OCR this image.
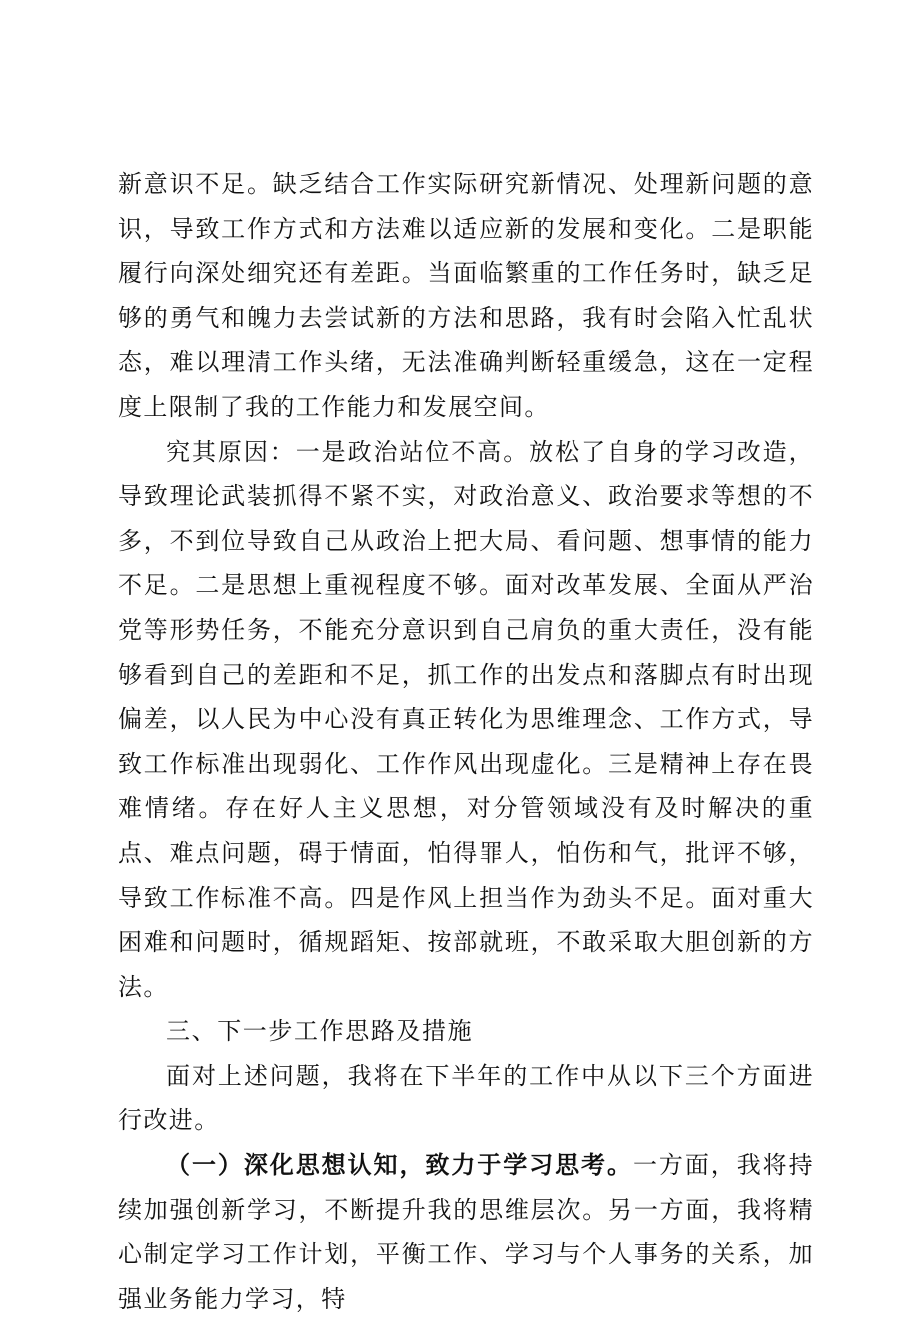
新意识不足。缺乏结合工作实际研究新情况、处理新问题的意识，导致工作方式和方法难以适应新的发展和变化。二是职能履行向深处细究还有差距。当面临繁重的工作任务时，缺乏足够的勇气和魄力去尝试新的方法和思路，我有时会陷入忙乱状态，难以理清工作头绪，无法准确判断轻重缓急，这在一定程度上限制了我的工作能力和发展空间。

究其原因：一是政治站位不高。放松了自身的学习改造，导致理论武装抓得不紧不实，对政治意义、政治要求等想的不多，不到位导致自己从政治上把大局、看问题、想事情的能力不足。二是思想上重视程度不够。面对改革发展、全面从严治党等形势任务，不能充分意识到自己肩负的重大责任，没有能够看到自己的差距和不足，抓工作的出发点和落脚点有时出现偏差，以人民为中心没有真正转化为思维理念、工作方式，导致工作标准出现弱化、工作作风出现虚化。三是精神上存在畏难情绪。存在好人主义思想，对分管领域没有及时解决的重点、难点问题，碍于情面，怕得罪人，怕伤和气，批评不够，导致工作标准不高。四是作风上担当作为劲头不足。面对重大困难和问题时，循规蹈矩、按部就班，不敢采取大胆创新的方法。

三、下一步工作思路及措施

面对上述问题，我将在下半年的工作中从以下三个方面进行改进。

（一）深化思想认知，致力于学习思考。一方面，我将持续加强创新学习，不断提升我的思维层次。另一方面，我将精心制定学习工作计划，平衡工作、学习与个人事务的关系，加强业务能力学习，特
